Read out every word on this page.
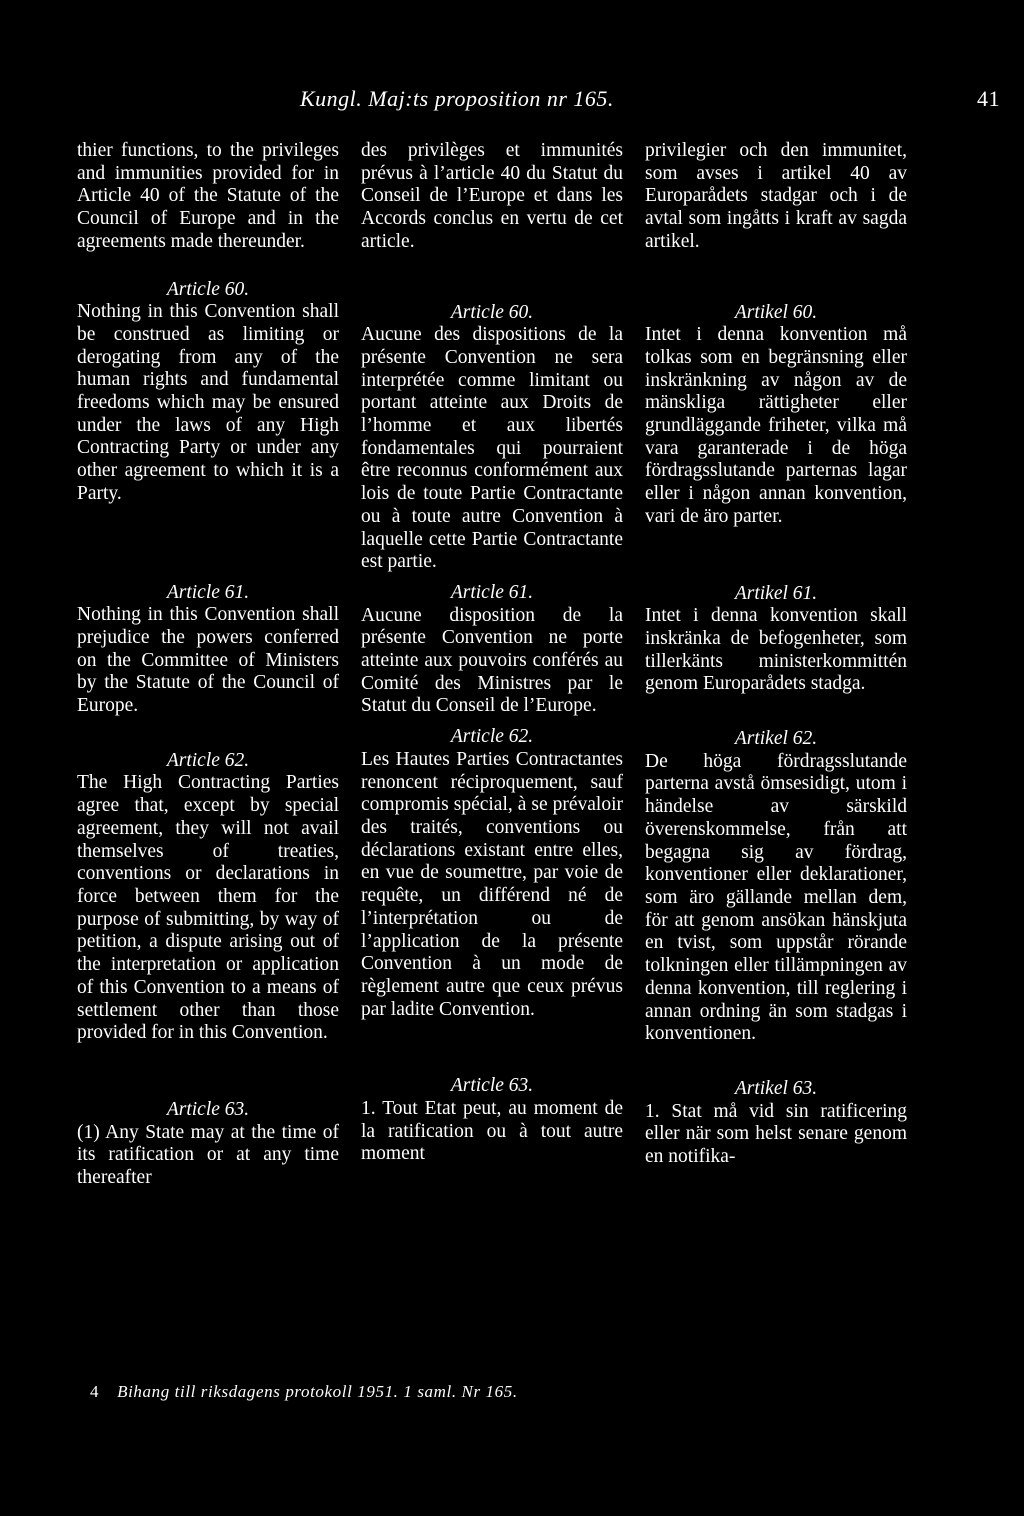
Kungl. Maj:ts proposition nr 165.	41

thier functions, to the privileges and immunities provided for in Article 40 of the Statute of the Council of Europe and in the agreements made thereunder.

Article 60.

Nothing in this Convention shall be construed as limiting or derogating from any of the human rights and fundamental freedoms which may be ensured under the laws of any High Contracting Party or under any other agreement to which it is a Party.

Article 61.

Nothing in this Convention shall prejudice the powers conferred on the Committee of Ministers by the Statute of the Council of Europe.

Article 62.

The High Contracting Parties agree that, except by special agreement, they will not avail themselves of treaties, conventions or declarations in force between them for the purpose of submitting, by way of petition, a dispute arising out of the interpretation or application of this Convention to a means of settlement other than those provided for in this Convention.

Article 63.

(1) Any State may at the time of its ratification or at any time thereafter

des privilèges et immunités prévus à l’article 40 du Statut du Conseil de l’Europe et dans les Accords conclus en vertu de cet article.

Article 60.

Aucune des dispositions de la présente Convention ne sera interprétée comme limitant ou portant atteinte aux Droits de l’homme et aux libertés fondamentales qui pourraient être reconnus conformément aux lois de toute Partie Contractante ou à toute autre Convention à laquelle cette Partie Contractante est partie.

Article 61.

Aucune disposition de la présente Convention ne porte atteinte aux pouvoirs conférés au Comité des Ministres par le Statut du Conseil de l’Europe.

Article 62.

Les Hautes Parties Contractantes renoncent réciproquement, sauf compromis spécial, à se prévaloir des traités, conventions ou déclarations existant entre elles, en vue de soumettre, par voie de requête, un différend né de l’interprétation ou de l’application de la présente Convention à un mode de règlement autre que ceux prévus par ladite Convention.

Article 63.

1. Tout Etat peut, au moment de la ratification ou à tout autre moment

privilegier och den immunitet, som avses i artikel 40 av Europarådets stadgar och i de avtal som ingåtts i kraft av sagda artikel.

Artikel 60.

Intet i denna konvention må tolkas som en begränsning eller inskränkning av någon av de mänskliga rättigheter eller grundläggande friheter, vilka må vara garanterade i de höga fördragsslutande parternas lagar eller i någon annan konvention, vari de äro parter.

Artikel 61.

Intet i denna konvention skall inskränka de befogenheter, som tillerkänts ministerkommittén genom Europarådets stadga.

Artikel 62.

De höga fördragsslutande parterna avstå ömsesidigt, utom i händelse av särskild överenskommelse, från att begagna sig av fördrag, konventioner eller deklarationer, som äro gällande mellan dem, för att genom ansökan hänskjuta en tvist, som uppstår rörande tolkningen eller tillämpningen av denna konvention, till reglering i annan ordning än som stadgas i konventionen.

Artikel 63.

1. Stat må vid sin ratificering eller när som helst senare genom en notifika-

4 Bihang till riksdagens protokoll 1951. 1 saml. Nr 165.
